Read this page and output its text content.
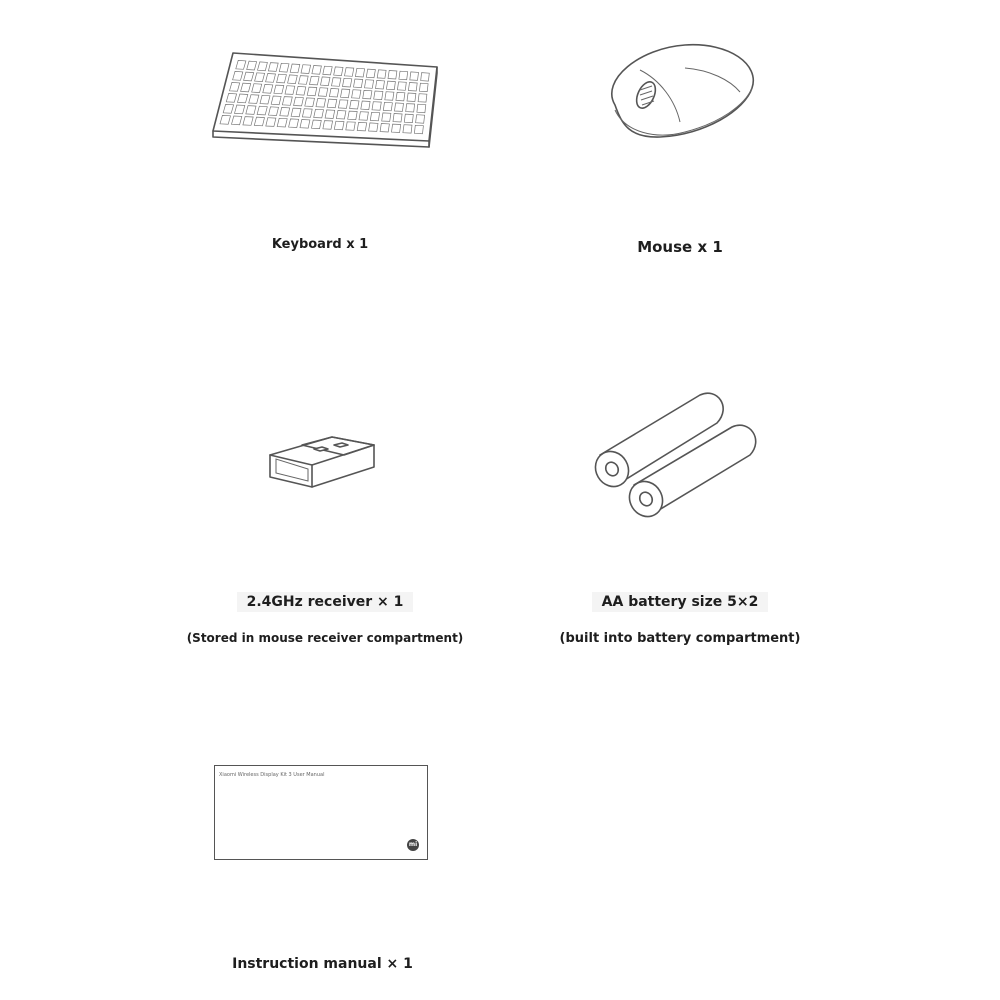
Keyboard x 1	Mouse x 1
2.4GHz receiver × 1
(Stored in mouse receiver compartment)
AA battery size 5×2
(built into battery compartment)
Xiaomi Wireless Display Kit 3 User Manual
mi
Instruction manual × 1
